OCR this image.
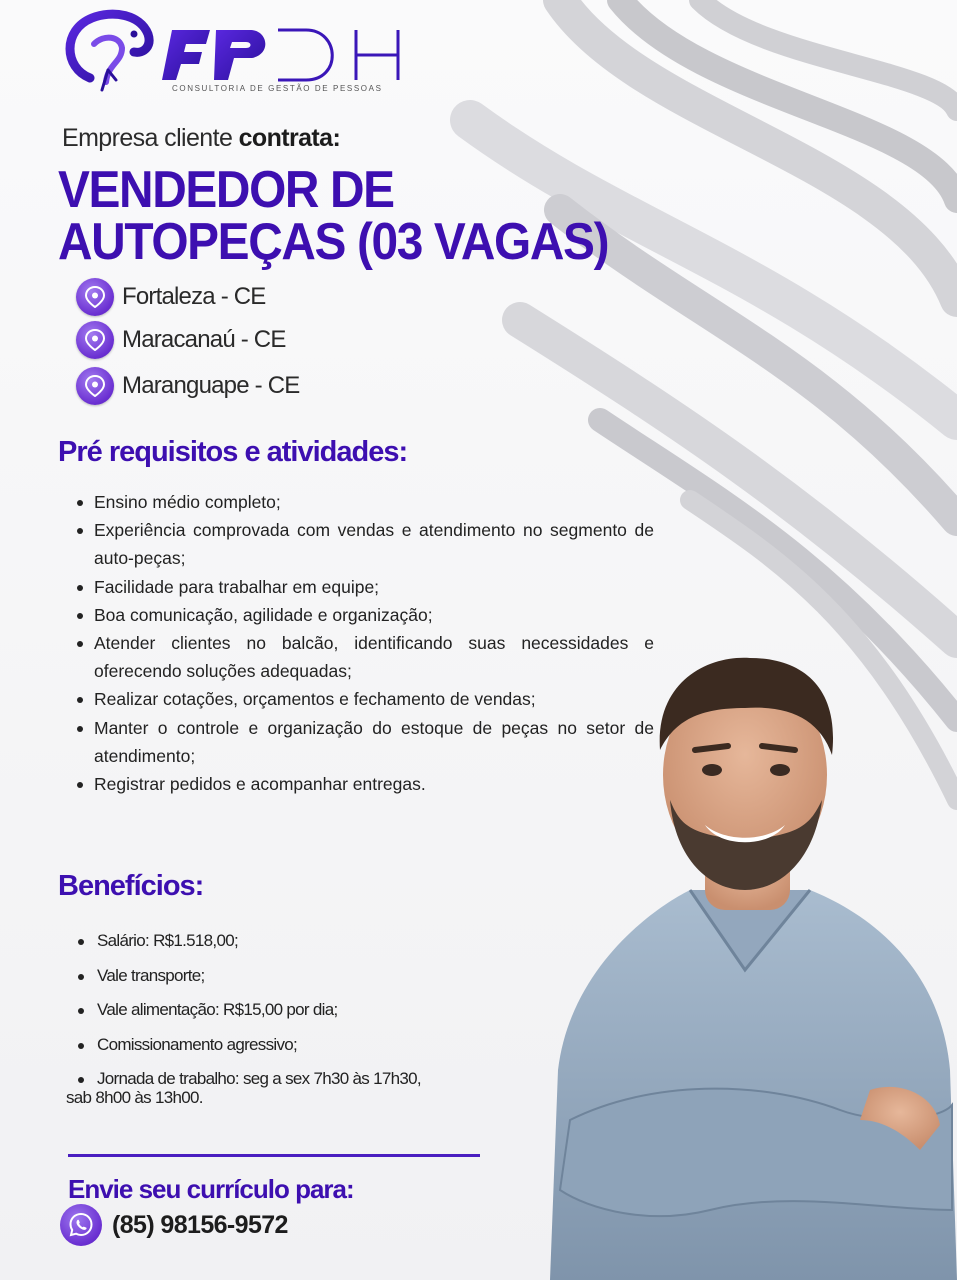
CONSULTORIA DE GESTÃO DE PESSOAS
Empresa cliente contrata:
VENDEDOR DE
AUTOPEÇAS (03 VAGAS)
Fortaleza - CE
Maracanaú - CE
Maranguape - CE
Pré requisitos e atividades:
Ensino médio completo;
Experiência comprovada com vendas e atendimento no segmento de auto-peças;
Facilidade para trabalhar em equipe;
Boa comunicação, agilidade e organização;
Atender clientes no balcão, identificando suas necessidades e oferecendo soluções adequadas;
Realizar cotações, orçamentos e fechamento de vendas;
Manter o controle e organização do estoque de peças no setor de atendimento;
Registrar pedidos e acompanhar entregas.
Benefícios:
Salário: R$1.518,00;
Vale transporte;
Vale alimentação: R$15,00 por dia;
Comissionamento agressivo;
Jornada de trabalho: seg a sex 7h30 às 17h30,
sab 8h00 às 13h00.
Envie seu currículo para:
(85) 98156-9572
